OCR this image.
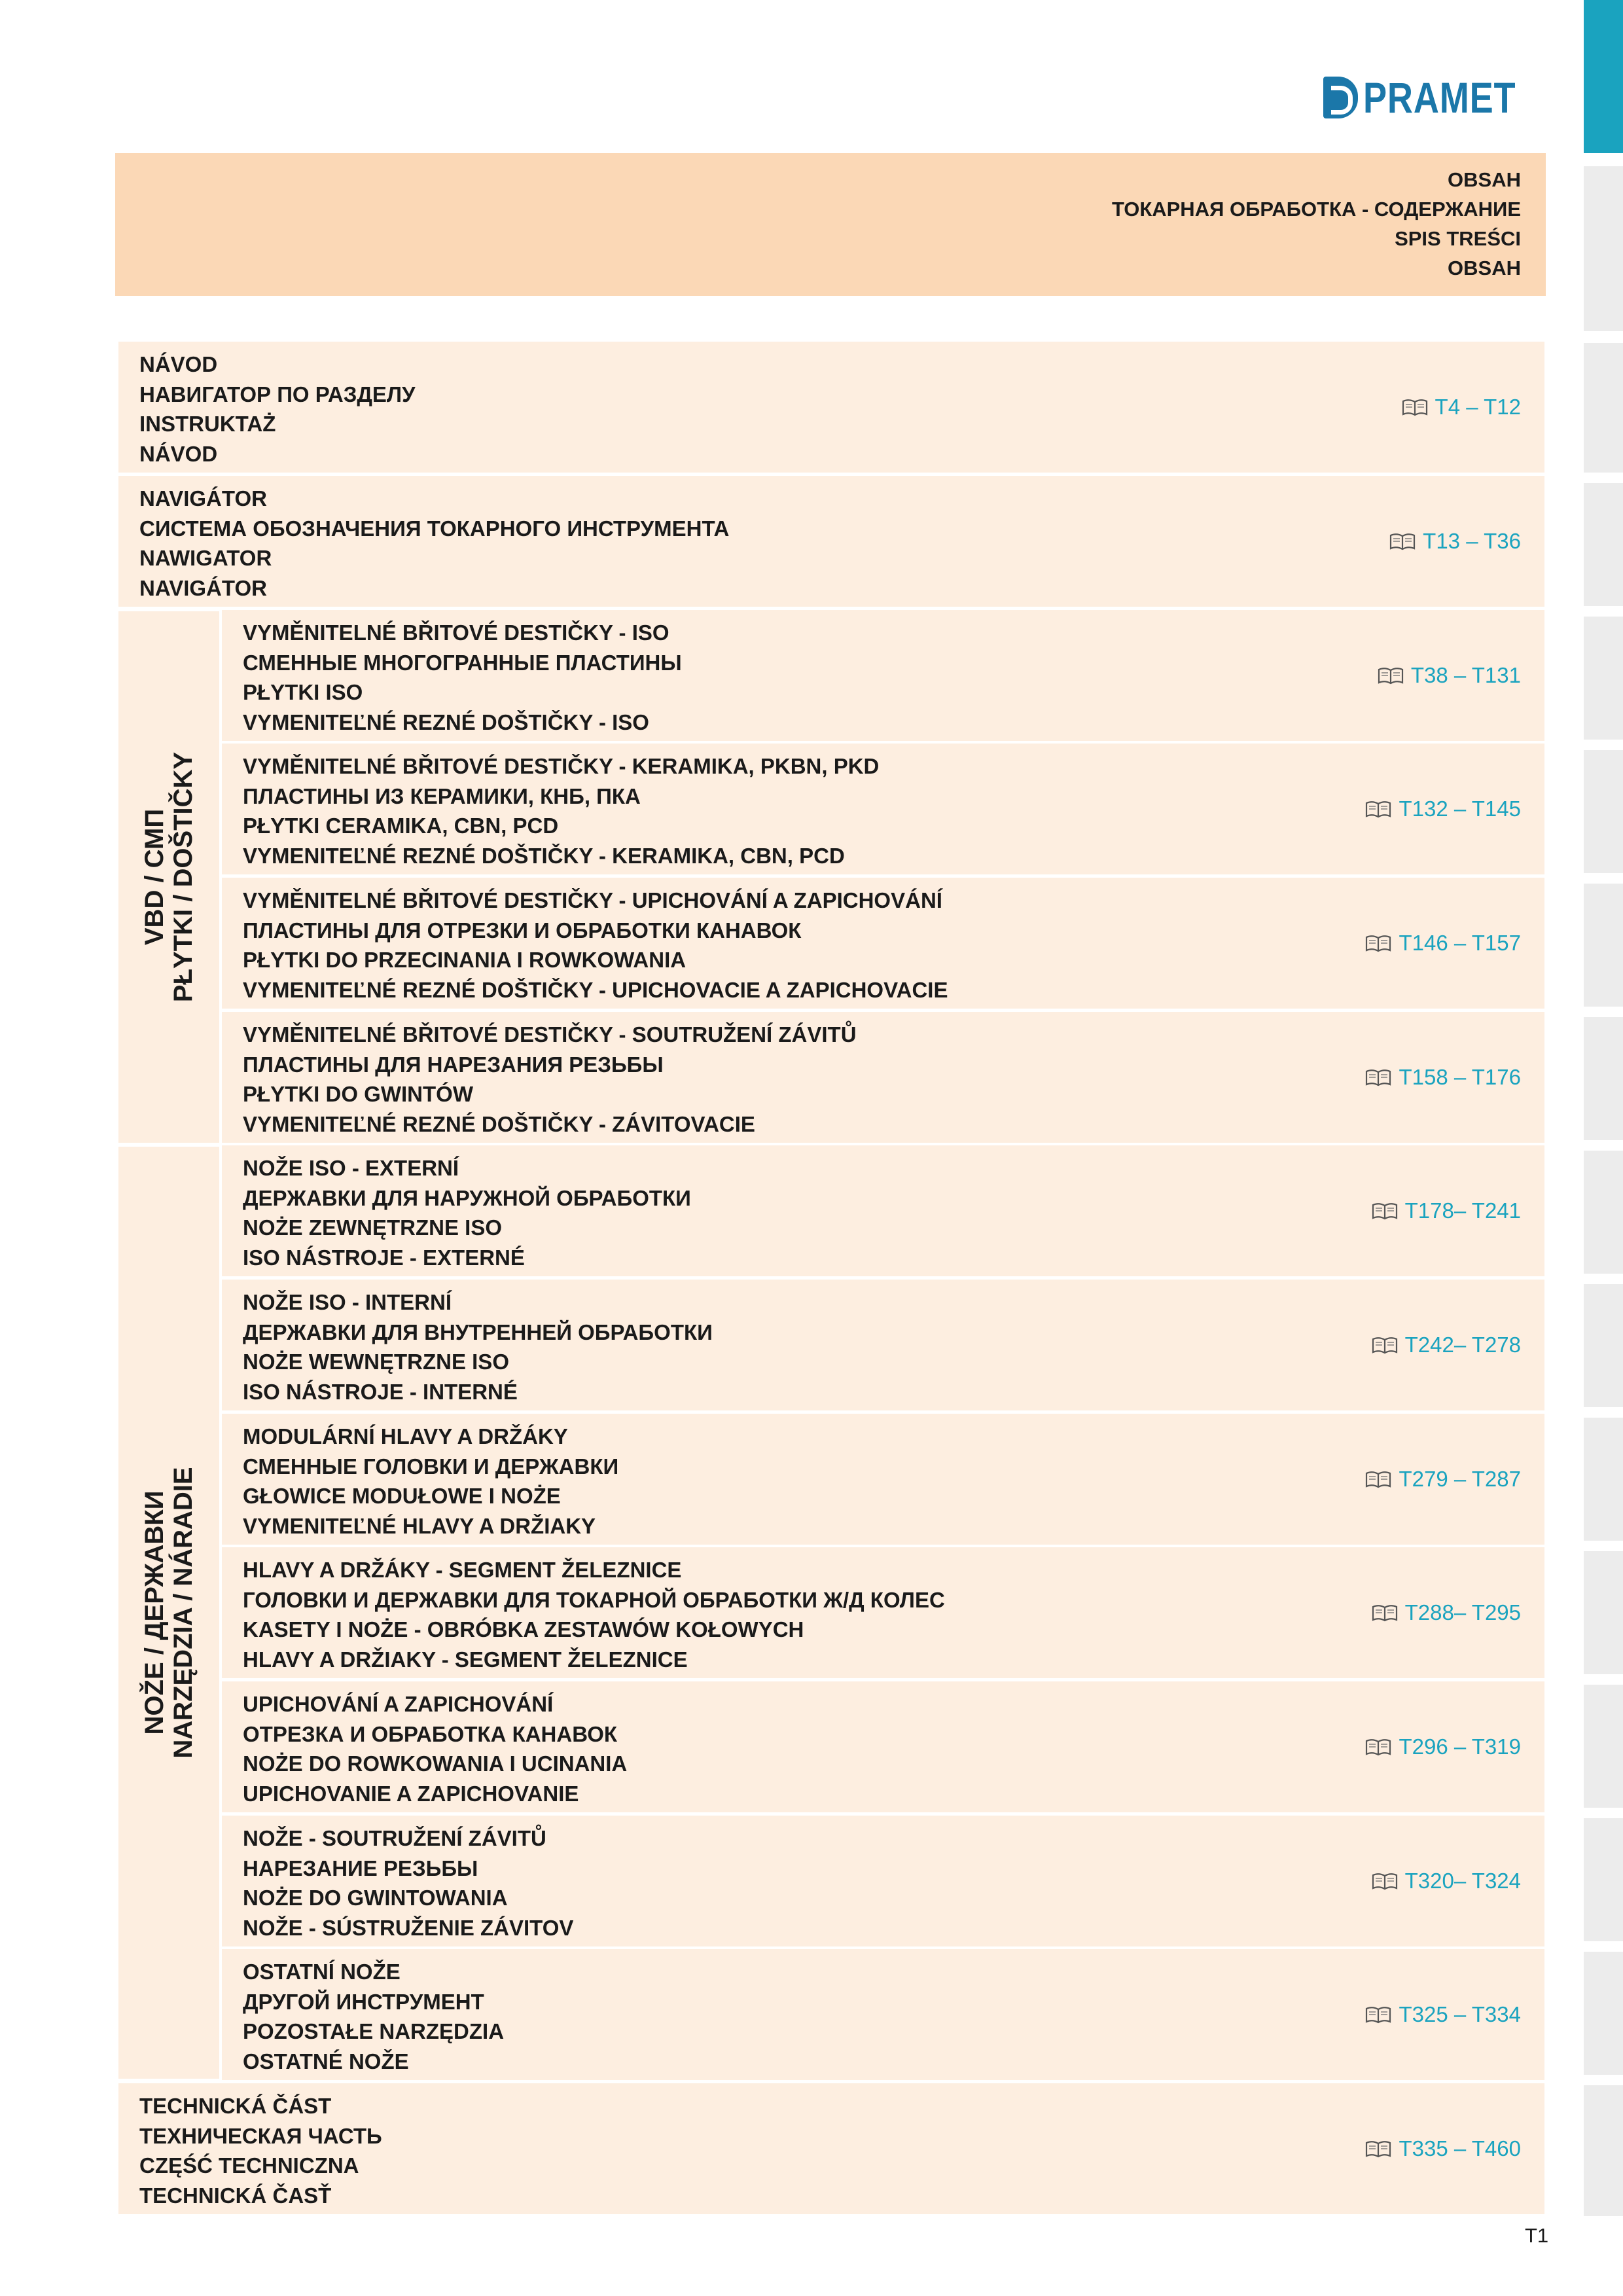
PRAMET
OBSAH
ТОКАРНАЯ ОБРАБОТКА - СОДЕРЖАНИЕ
SPIS TREŚCI
OBSAH
VBD / СМП PŁYTKI / DOŠTIČKY
NOŽE / ДЕРЖАВКИ NARZĘDZIA / NÁRADIE
NÁVOD
НАВИГАТОР ПО РАЗДЕЛУ
INSTRUKTAŻ
NÁVOD
T4 – T12
NAVIGÁTOR
СИСТЕМА ОБОЗНАЧЕНИЯ ТОКАРНОГО ИНСТРУМЕНТА
NAWIGATOR
NAVIGÁTOR
T13 – T36
VYMĚNITELNÉ BŘITOVÉ DESTIČKY - ISO
СМЕННЫЕ МНОГОГРАННЫЕ ПЛАСТИНЫ
PŁYTKI ISO
VYMENITEĽNÉ REZNÉ DOŠTIČKY - ISO
T38 – T131
VYMĚNITELNÉ BŘITOVÉ DESTIČKY - KERAMIKA, PKBN, PKD
ПЛАСТИНЫ ИЗ КЕРАМИКИ, КНБ, ПКА
PŁYTKI CERAMIKA, CBN, PCD
VYMENITEĽNÉ REZNÉ DOŠTIČKY - KERAMIKA, CBN, PCD
T132 – T145
VYMĚNITELNÉ BŘITOVÉ DESTIČKY - UPICHOVÁNÍ A ZAPICHOVÁNÍ
ПЛАСТИНЫ ДЛЯ ОТРЕЗКИ И ОБРАБОТКИ КАНАВОК
PŁYTKI DO PRZECINANIA I ROWKOWANIA
VYMENITEĽNÉ REZNÉ DOŠTIČKY - UPICHOVACIE A ZAPICHOVACIE
T146 – T157
VYMĚNITELNÉ BŘITOVÉ DESTIČKY - SOUTRUŽENÍ ZÁVITŮ
ПЛАСТИНЫ ДЛЯ НАРЕЗАНИЯ РЕЗЬБЫ
PŁYTKI DO GWINTÓW
VYMENITEĽNÉ REZNÉ DOŠTIČKY - ZÁVITOVACIE
T158 – T176
NOŽE ISO - EXTERNÍ
ДЕРЖАВКИ ДЛЯ НАРУЖНОЙ ОБРАБОТКИ
NOŻE ZEWNĘTRZNE ISO
ISO NÁSTROJE - EXTERNÉ
T178– T241
NOŽE ISO - INTERNÍ
ДЕРЖАВКИ ДЛЯ ВНУТРЕННЕЙ ОБРАБОТКИ
NOŻE WEWNĘTRZNE ISO
ISO NÁSTROJE - INTERNÉ
T242– T278
MODULÁRNÍ HLAVY A DRŽÁKY
СМЕННЫЕ ГОЛОВКИ И ДЕРЖАВКИ
GŁOWICE MODUŁOWE I NOŻE
VYMENITEĽNÉ HLAVY A DRŽIAKY
T279 – T287
HLAVY A DRŽÁKY - SEGMENT ŽELEZNICE
ГОЛОВКИ И ДЕРЖАВКИ ДЛЯ ТОКАРНОЙ ОБРАБОТКИ Ж/Д КОЛЕС
KASETY I NOŻE - OBRÓBKA ZESTAWÓW KOŁOWYCH
HLAVY A DRŽIAKY - SEGMENT ŽELEZNICE
T288– T295
UPICHOVÁNÍ A ZAPICHOVÁNÍ
ОТРЕЗКА И ОБРАБОТКА КАНАВОК
NOŻE DO ROWKOWANIA I UCINANIA
UPICHOVANIE A ZAPICHOVANIE
T296 – T319
NOŽE - SOUTRUŽENÍ ZÁVITŮ
НАРЕЗАНИЕ РЕЗЬБЫ
NOŻE DO GWINTOWANIA
NOŽE - SÚSTRUŽENIE ZÁVITOV
T320– T324
OSTATNÍ NOŽE
ДРУГОЙ ИНСТРУМЕНТ
POZOSTAŁE NARZĘDZIA
OSTATNÉ NOŽE
T325 – T334
TECHNICKÁ ČÁST
ТЕХНИЧЕСКАЯ ЧАСТЬ
CZĘŚĆ TECHNICZNA
TECHNICKÁ ČASŤ
T335 – T460
T1
